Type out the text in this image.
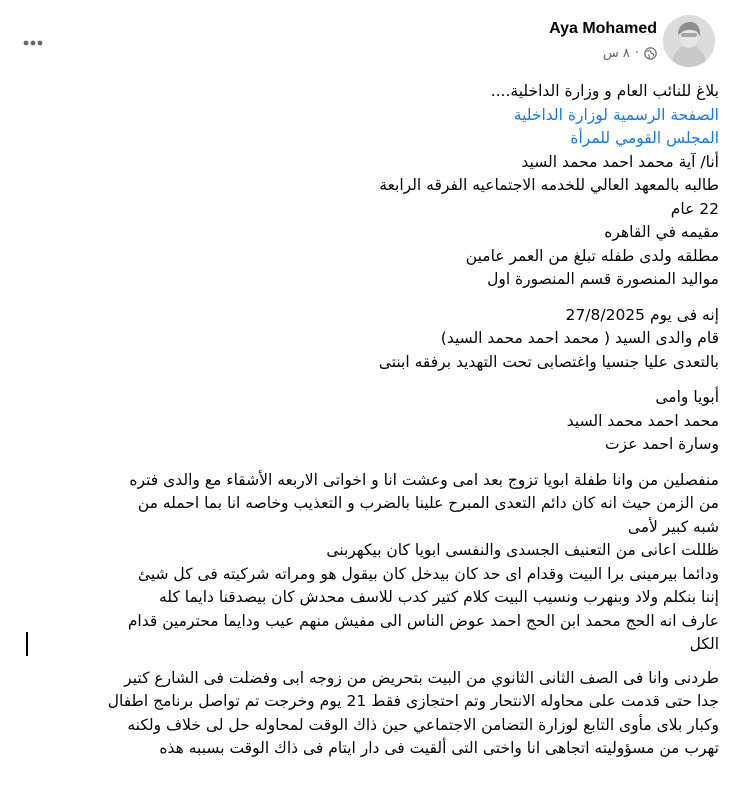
Aya Mohamed
٨ س ·
بلاغ للنائب العام و وزارة الداخلية....
الصفحة الرسمية لوزارة الداخلية
المجلس القومي للمرأة
أنا/ آية محمد احمد محمد السيد
طالبه بالمعهد العالي للخدمه الاجتماعيه الفرقه الرابعة
22 عام
مقيمه في القاهره
مطلقه ولدى طفله تبلغ من العمر عامين
مواليد المنصورة قسم المنصورة اول
إنه فى يوم 27/8/2025
قام والدى السيد ( محمد احمد محمد السيد)
بالتعدى عليا جنسيا واغتصابى تحت التهديد برفقه ابنتى
أبويا وامى
محمد احمد محمد السيد
وسارة احمد عزت
منفصلين من وانا طفلة ابويا تزوج بعد امى وعشت انا و اخواتى الاربعه الأشقاء مع والدى فتره
من الزمن حيث انه كان دائم التعدى المبرح علينا بالضرب و التعذيب وخاصه انا بما احمله من
شبه كبير لأمى
ظللت اعانى من التعنيف الجسدى والنفسى ابويا كان بيكهربنى
ودائما بيرمينى برا البيت وقدام اى حد كان بيدخل كان بيقول هو ومراته شركيته فى كل شيئ
إننا بنكلم ولاد وبنهرب ونسيب البيت كلام كتير كدب للاسف محدش كان بيصدقنا دايما كله
عارف انه الحج محمد ابن الحج احمد عوض الناس الى مفيش منهم عيب ودايما محترمين قدام
الكل
طردنى وانا فى الصف الثانى الثانوي من البيت بتحريض من زوجه ابى وفضلت فى الشارع كتير
جدا حتى قدمت على محاوله الانتحار وتم احتجازى فقط 21 يوم وخرجت تم تواصل برنامج اطفال
وكبار بلاى مأوى التابع لوزارة التضامن الاجتماعي حين ذاك الوقت لمحاوله حل لى خلاف ولكنه
تهرب من مسؤوليته اتجاهى انا واختى التى ألقيت فى دار ايتام فى ذاك الوقت بسببه هذه
